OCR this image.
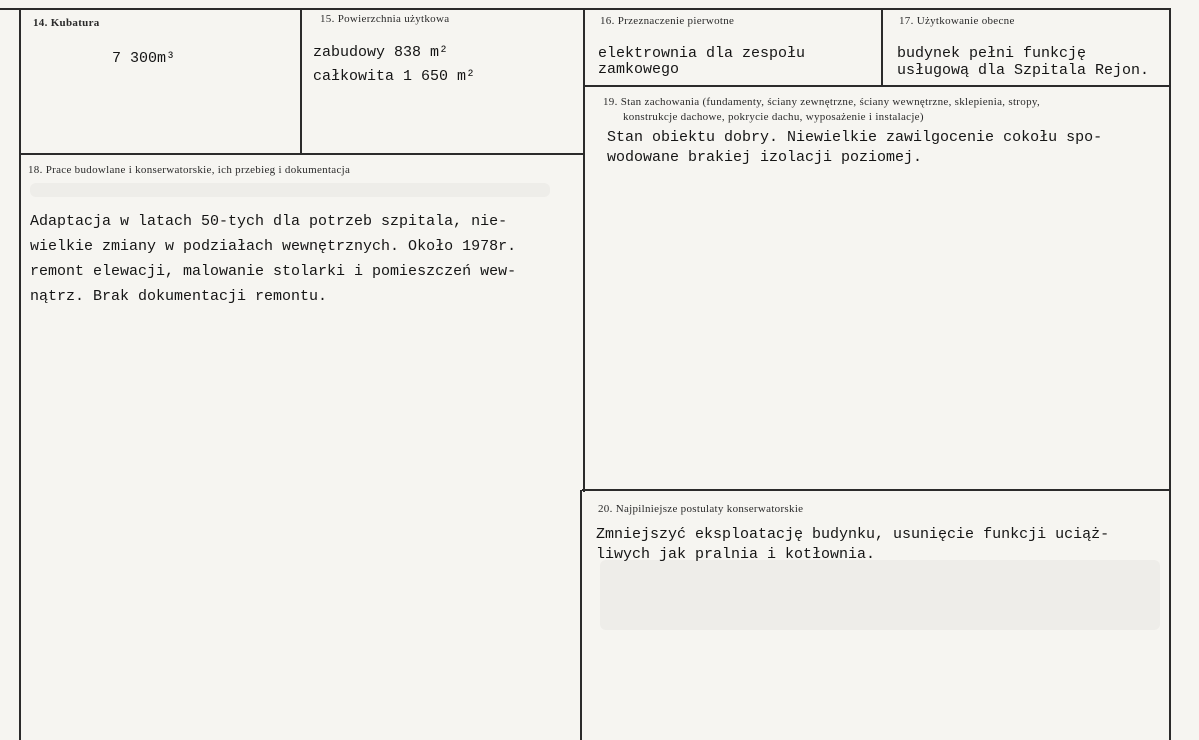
14. Kubatura
7 300m³
15. Powierzchnia użytkowa
zabudowy 838 m²
całkowita 1 650 m²
16. Przeznaczenie pierwotne
elektrownia dla zespołu
zamkowego
17. Użytkowanie obecne
budynek pełni funkcję
usługową dla Szpitala Rejon.
19. Stan zachowania (fundamenty, ściany zewnętrzne, ściany wewnętrzne, sklepienia, stropy,
konstrukcje dachowe, pokrycie dachu, wyposażenie i instalacje)
Stan obiektu dobry. Niewielkie zawilgocenie cokołu spo-
wodowane brakiej izolacji poziomej.
18. Prace budowlane i konserwatorskie, ich przebieg i dokumentacja
Adaptacja w latach 50-tych dla potrzeb szpitala, nie-
wielkie zmiany w podziałach wewnętrznych. Około 1978r.
remont elewacji, malowanie stolarki i pomieszczeń wew-
nątrz. Brak dokumentacji remontu.
20. Najpilniejsze postulaty konserwatorskie
Zmniejszyć eksploatację budynku, usunięcie funkcji uciąż-
liwych jak pralnia i kotłownia.
